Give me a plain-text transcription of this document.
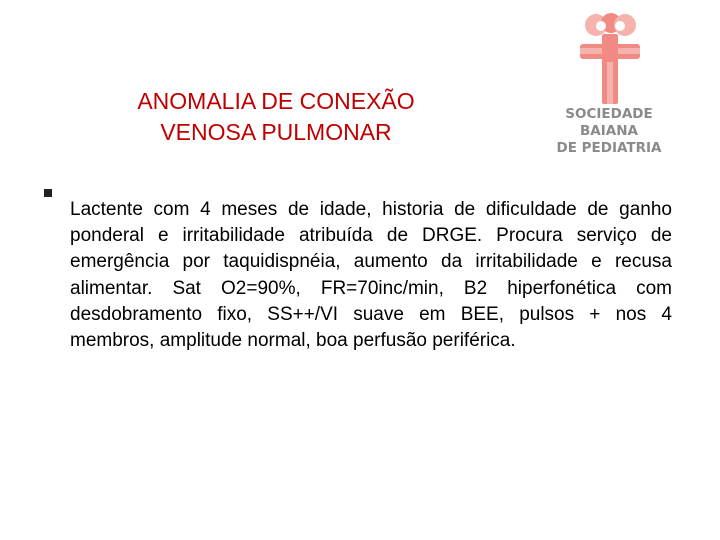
ANOMALIA DE CONEXÃO
VENOSA PULMONAR
SOCIEDADE
BAIANA
DE PEDIATRIA

Lactente com 4 meses de idade, historia de dificuldade de ganho ponderal e irritabilidade atribuída de DRGE. Procura serviço de emergência por taquidispnéia, aumento da irritabilidade e recusa alimentar. Sat O2=90%, FR=70inc/min, B2 hiperfonética com desdobramento fixo, SS++/VI suave em BEE, pulsos + nos 4 membros, amplitude normal, boa perfusão periférica.
